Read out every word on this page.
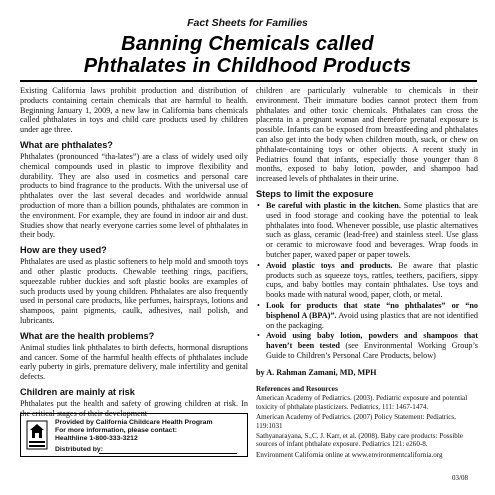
Fact Sheets for Families
Banning Chemicals called
Phthalates in Childhood Products

Existing California laws prohibit production and distribution of products containing certain chemicals that are harmful to health. Beginning January 1, 2009, a new law in California bans chemicals called phthalates in toys and child care products used by children under age three.

What are phthalates?

Phthalates (pronounced “tha-lates”) are a class of widely used oily chemical compounds used in plastic to improve flexibility and durability. They are also used in cosmetics and personal care products to bind fragrance to the products. With the universal use of phthalates over the last several decades and worldwide annual production of more than a billion pounds, phthalates are common in the environment. For example, they are found in indoor air and dust. Studies show that nearly everyone carries some level of phthalates in their body.

How are they used?

Phthalates are used as plastic softeners to help mold and smooth toys and other plastic products. Chewable teething rings, pacifiers, squeezable rubber duckies and soft plastic books are examples of such products used by young children. Phthalates are also frequently used in personal care products, like perfumes, hairsprays, lotions and shampoos, paint pigments, caulk, adhesives, nail polish, and lubricants.

What are the health problems?

Animal studies link phthalates to birth defects, hormonal disruptions and cancer. Some of the harmful health effects of phthalates include early puberty in girls, premature delivery, male infertility and genital defects.

Children are mainly at risk

Phthalates put the health and safety of growing children at risk. In the critical stages of their development

Provided by California Childcare Health Program
For more information, please contact:
Healthline 1-800-333-3212
Distributed by:

children are particularly vulnerable to chemicals in their environment. Their immature bodies cannot protect them from phthalates and other toxic chemicals. Phthalates can cross the placenta in a pregnant woman and therefore prenatal exposure is possible. Infants can be exposed from breastfeeding and phthalates can also get into the body when children mouth, suck, or chew on phthalate-containing toys or other objects. A recent study in Pediatrics found that infants, especially those younger than 8 months, exposed to baby lotion, powder, and shampoo had increased levels of phthalates in their urine.

Steps to limit the exposure
• Be careful with plastic in the kitchen. Some plastics that are used in food storage and cooking have the potential to leak phthalates into food. Whenever possible, use plastic alternatives such as glass, ceramic (lead-free) and stainless steel. Use glass or ceramic to microwave food and beverages. Wrap foods in butcher paper, waxed paper or paper towels.
• Avoid plastic toys and products. Be aware that plastic products such as squeeze toys, rattles, teethers, pacifiers, sippy cups, and baby bottles may contain phthalates. Use toys and books made with natural wood, paper, cloth, or metal.
• Look for products that state “no phthalates” or “no bisphenol A (BPA)”. Avoid using plastics that are not identified on the packaging.
• Avoid using baby lotion, powders and shampoos that haven’t been tested (see Environmental Working Group’s Guide to Children’s Personal Care Products, below)

by A. Rahman Zamani, MD, MPH

References and Resources

American Academy of Pediatrics. (2003). Pediatric exposure and potential toxicity of phthalate plasticizers. Pediatrics, 111: 1467-1474.

American Academy of Pediatrics. (2007) Policy Statement: Pediatrics, 119:1031

Sathyanarayana, S.,C. J. Karr, et al. (2008). Baby care products: Possible sources of infant phthalate exposure. Pediatrics 121: e260-8.

Environment California online at www.environmentcalifornia.org

03/08
